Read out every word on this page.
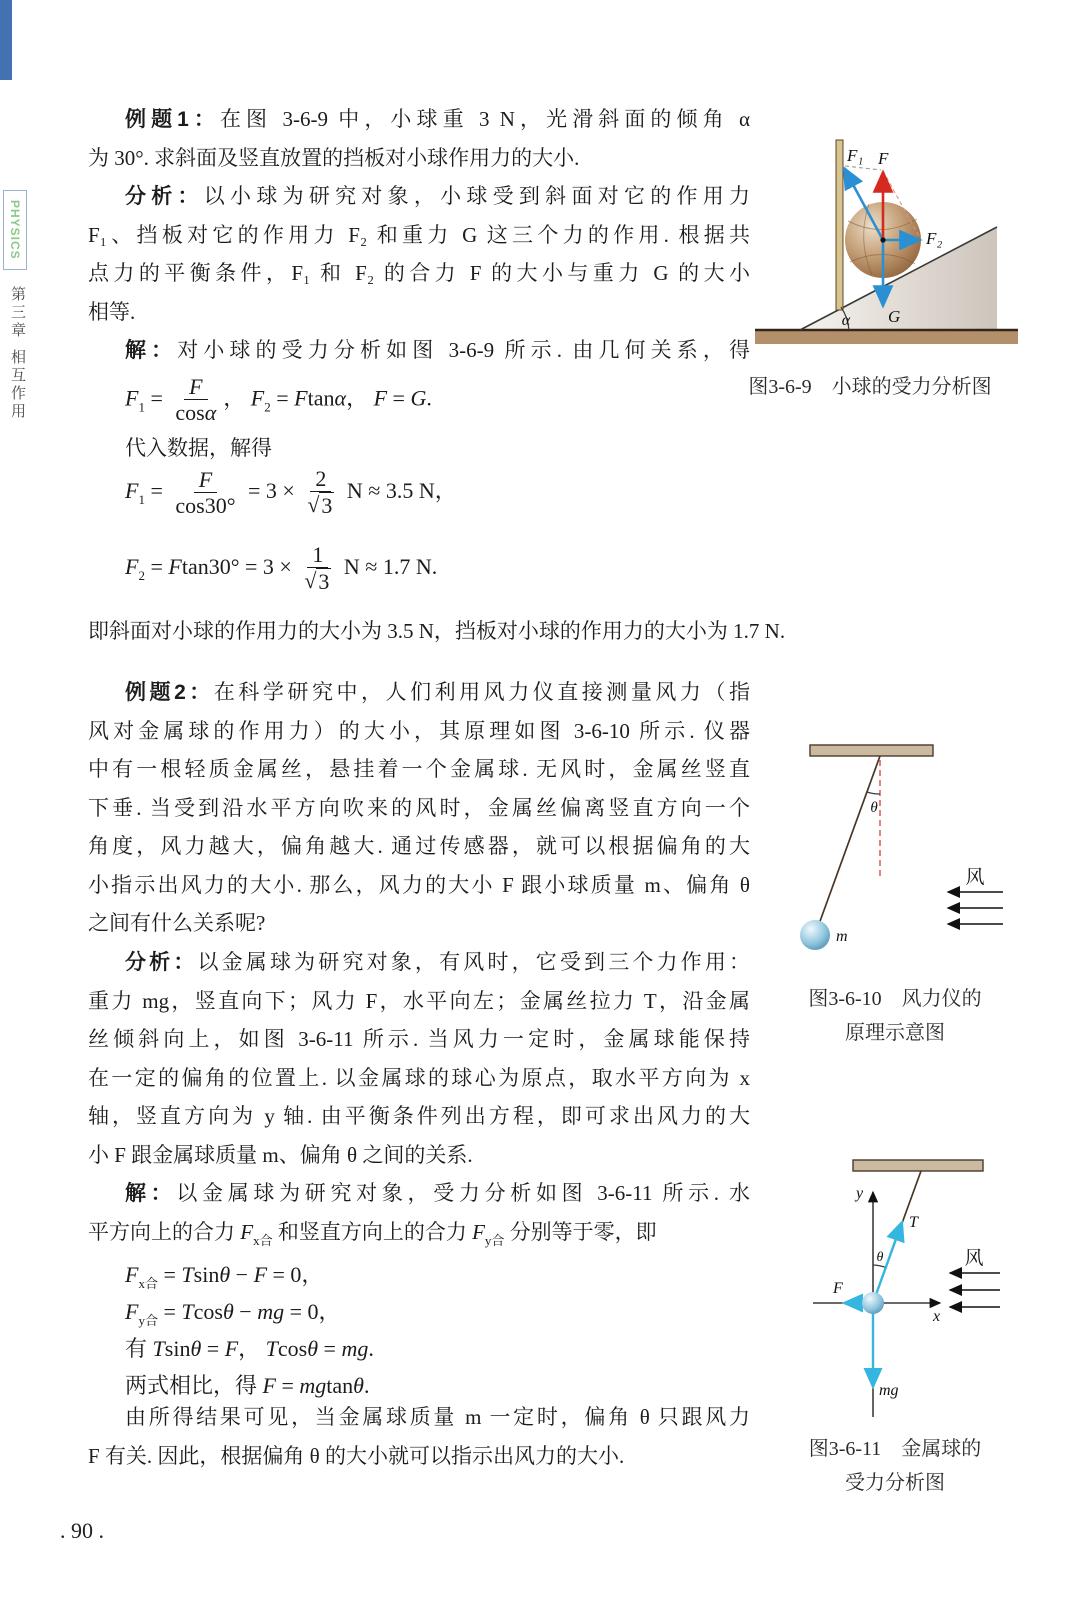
PHYSICS
第三章
相互作用
例题1：在图 3-6-9 中，小球重 3 N，光滑斜面的倾角 α
为 30°. 求斜面及竖直放置的挡板对小球作用力的大小.
分析：以小球为研究对象，小球受到斜面对它的作用力
F₁、挡板对它的作用力 F₂ 和重力 G 这三个力的作用. 根据共
点力的平衡条件，F₁ 和 F₂ 的合力 F 的大小与重力 G 的大小
相等.
解：对小球的受力分析如图 3-6-9 所示. 由几何关系，得
$F_1 = \frac{F}{\cos\alpha}$ ， $F_2 = Ftan\alpha$， F = G.
代入数据，解得
$F_1 = \frac{F}{\cos 30^\circ} = 3 \times \frac{2}{√ 3}$ N ≈ 3.5 N，
$F_2 = Ftan30^\circ = 3 \times \frac{1}{√ 3}$ N ≈ 1.7 N.
即斜面对小球的作用力的大小为 3.5 N，挡板对小球的作用力的大小为 1.7 N.
例题2：在科学研究中，人们利用风力仪直接测量风力（指
风对金属球的作用力）的大小，其原理如图 3-6-10 所示. 仪器
中有一根轻质金属丝，悬挂着一个金属球. 无风时，金属丝竖直
下垂. 当受到沿水平方向吹来的风时，金属丝偏离竖直方向一个
角度，风力越大，偏角越大. 通过传感器，就可以根据偏角的大
小指示出风力的大小. 那么，风力的大小 F 跟小球质量 m、偏角 θ
之间有什么关系呢?
分析：以金属球为研究对象，有风时，它受到三个力作用：
重力 mg，竖直向下；风力 F，水平向左；金属丝拉力 T，沿金属
丝倾斜向上，如图 3-6-11 所示. 当风力一定时，金属球能保持
在一定的偏角的位置上. 以金属球的球心为原点，取水平方向为 x
轴，竖直方向为 y 轴. 由平衡条件列出方程，即可求出风力的大
小 F 跟金属球质量 m、偏角 θ 之间的关系.
解：以金属球为研究对象，受力分析如图 3-6-11 所示. 水
平方向上的合力 $F_{x合}$ 和竖直方向上的合力 $F_{y合}$ 分别等于零，即
$F_{x合} = Tsin\theta - F = 0$，
$F_{y合} = Tcos\theta$ − mg = 0，
有 Tsinθ = F， Tcosθ = mg.
两式相比，得 F = mgtanθ.
由所得结果可见，当金属球质量 m 一定时，偏角 θ 只跟风力
F 有关. 因此，根据偏角 θ 的大小就可以指示出风力的大小.
F₁ F
F₂
G
α
图3-6-9　小球的受力分析图
θ
m
风
图3-6-10　风力仪的
原理示意图
y
x
T
θ
F
mg
风
图3-6-11　金属球的
受力分析图
. 90 .
